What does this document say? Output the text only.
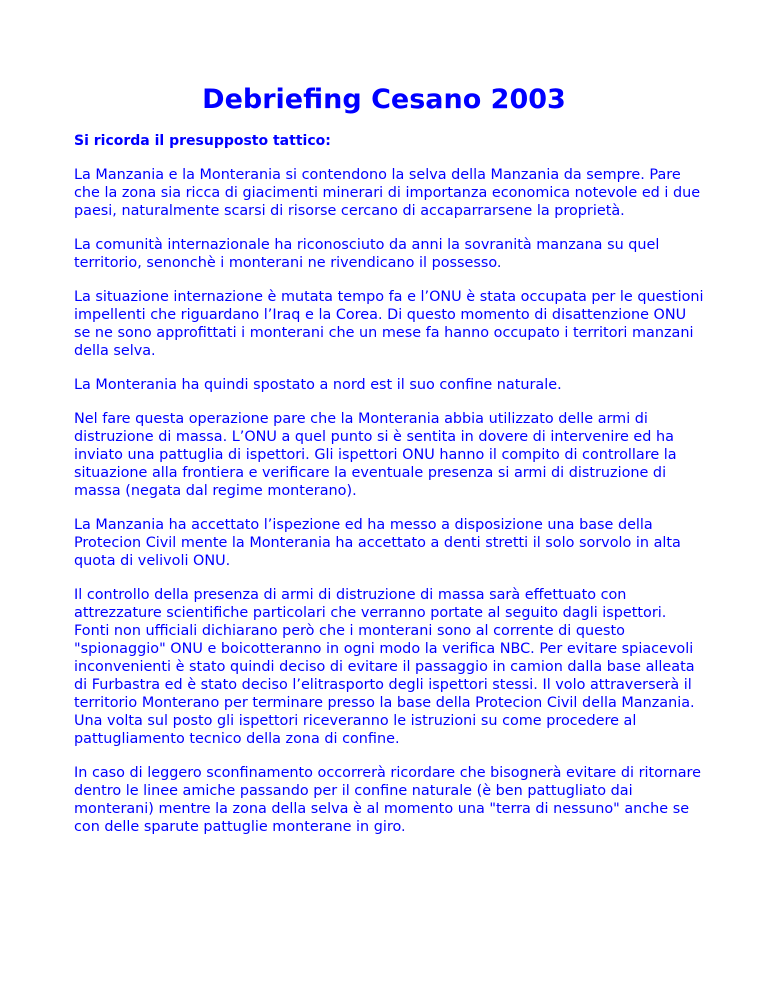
Debriefing Cesano 2003

Si ricorda il presupposto tattico:

La Manzania e la Monterania si contendono la selva della Manzania da sempre. Pare che la zona sia ricca di giacimenti minerari di importanza economica notevole ed i due paesi, naturalmente scarsi di risorse cercano di accaparrarsene la proprietà.

La comunità internazionale ha riconosciuto da anni la sovranità manzana su quel territorio, senonchè i monterani ne rivendicano il possesso.

La situazione internazione è mutata tempo fa e l’ONU è stata occupata per le questioni impellenti che riguardano l’Iraq e la Corea. Di questo momento di disattenzione ONU se ne sono approfittati i monterani che un mese fa hanno occupato i territori manzani della selva.

La Monterania ha quindi spostato a nord est il suo confine naturale.

Nel fare questa operazione pare che la Monterania abbia utilizzato delle armi di distruzione di massa. L’ONU a quel punto si è sentita in dovere di intervenire ed ha inviato una pattuglia di ispettori. Gli ispettori ONU hanno il compito di controllare la situazione alla frontiera e verificare la eventuale presenza si armi di distruzione di massa (negata dal regime monterano).

La Manzania ha accettato l’ispezione ed ha messo a disposizione una base della Protecion Civil mente la Monterania ha accettato a denti stretti il solo sorvolo in alta quota di velivoli ONU.

Il controllo della presenza di armi di distruzione di massa sarà effettuato con attrezzature scientifiche particolari che verranno portate al seguito dagli ispettori. Fonti non ufficiali dichiarano però che i monterani sono al corrente di questo "spionaggio" ONU e boicotteranno in ogni modo la verifica NBC. Per evitare spiacevoli inconvenienti è stato quindi deciso di evitare il passaggio in camion dalla base alleata di Furbastra ed è stato deciso l’elitrasporto degli ispettori stessi. Il volo attraverserà il territorio Monterano per terminare presso la base della Protecion Civil della Manzania. Una volta sul posto gli ispettori riceveranno le istruzioni su come procedere al pattugliamento tecnico della zona di confine.

In caso di leggero sconfinamento occorrerà ricordare che bisognerà evitare di ritornare dentro le linee amiche passando per il confine naturale (è ben pattugliato dai monterani) mentre la zona della selva è al momento una "terra di nessuno" anche se con delle sparute pattuglie monterane in giro.
